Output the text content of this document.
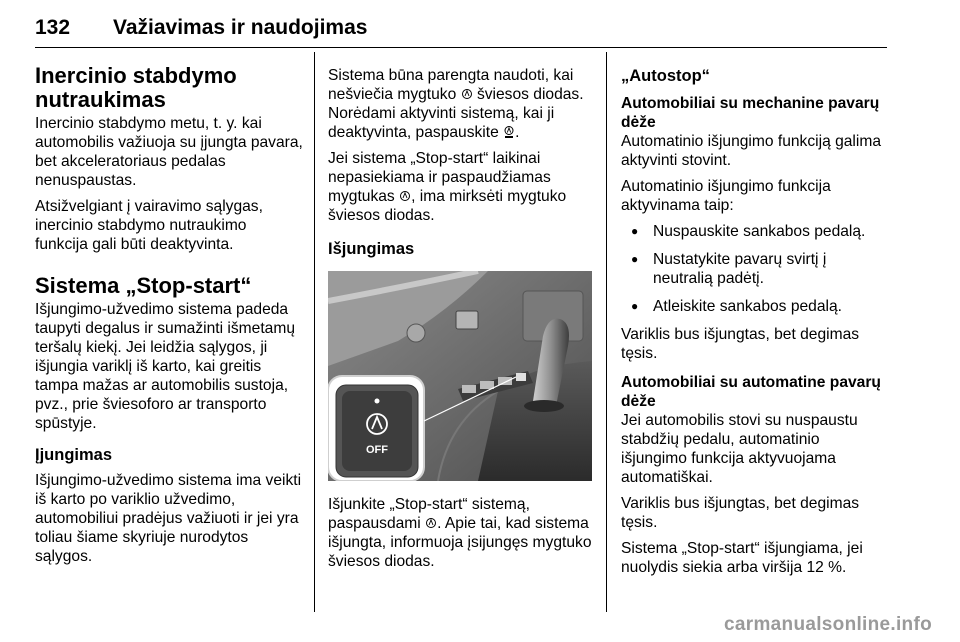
132 Važiavimas ir naudojimas
Inercinio stabdymo nutraukimas

Inercinio stabdymo metu, t. y. kai automobilis važiuoja su įjungta pavara, bet akceleratoriaus pedalas nenuspaustas.

Atsižvelgiant į vairavimo sąlygas, inercinio stabdymo nutraukimo funkcija gali būti deaktyvinta.

Sistema „Stop-start“

Išjungimo-užvedimo sistema padeda taupyti degalus ir sumažinti išmetamų teršalų kiekį. Jei leidžia sąlygos, ji išjungia variklį iš karto, kai greitis tampa mažas ar automobilis sustoja, pvz., prie šviesoforo ar transporto spūstyje.

Įjungimas

Išjungimo-užvedimo sistema ima veikti iš karto po variklio užvedimo, automobiliui pradėjus važiuoti ir jei yra toliau šiame skyriuje nurodytos sąlygos.

Sistema būna parengta naudoti, kai nešviečia mygtuko  šviesos diodas. Norėdami aktyvinti sistemą, kai ji deaktyvinta, paspauskite .

Jei sistema „Stop-start“ laikinai nepasiekiama ir paspaudžiamas mygtukas , ima mirksėti mygtuko šviesos diodas.

Išjungimas
OFF

Išjunkite „Stop-start“ sistemą, paspausdami . Apie tai, kad sistema išjungta, informuoja įsijungęs mygtuko šviesos diodas.

„Autostop“
Automobiliai su mechanine pavarų dėže

Automatinio išjungimo funkciją galima aktyvinti stovint.

Automatinio išjungimo funkcija aktyvinama taip:

● Nuspauskite sankabos pedalą.
● Nustatykite pavarų svirtį į neutralią padėtį.
● Atleiskite sankabos pedalą.

Variklis bus išjungtas, bet degimas tęsis.

Automobiliai su automatine pavarų dėže

Jei automobilis stovi su nuspaustu stabdžių pedalu, automatinio išjungimo funkcija aktyvuojama automatiškai.

Variklis bus išjungtas, bet degimas tęsis.

Sistema „Stop-start“ išjungiama, jei nuolydis siekia arba viršija 12 %.

carmanualsonline.info
